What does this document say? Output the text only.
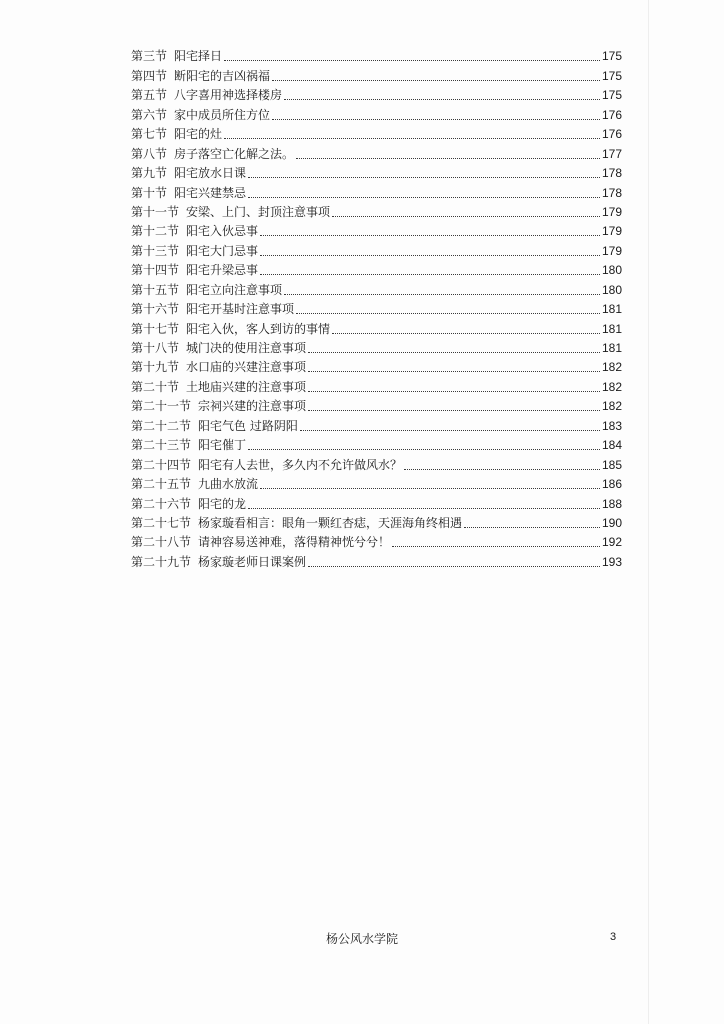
第三节 阳宅择日	175
第四节 断阳宅的吉凶祸福	175
第五节 八字喜用神选择楼房	175
第六节 家中成员所住方位	176
第七节 阳宅的灶	176
第八节 房子落空亡化解之法。	177
第九节 阳宅放水日课	178
第十节 阳宅兴建禁忌	178
第十一节 安梁、上门、封顶注意事项	179
第十二节 阳宅入伙忌事	179
第十三节 阳宅大门忌事	179
第十四节 阳宅升梁忌事	180
第十五节 阳宅立向注意事项	180
第十六节 阳宅开基时注意事项	181
第十七节 阳宅入伙，客人到访的事情	181
第十八节 城门决的使用注意事项	181
第十九节 水口庙的兴建注意事项	182
第二十节 土地庙兴建的注意事项	182
第二十一节 宗祠兴建的注意事项	182
第二十二节 阳宅气色 过路阴阳	183
第二十三节 阳宅催丁	184
第二十四节 阳宅有人去世，多久内不允许做风水？	185
第二十五节 九曲水放流	186
第二十六节 阳宅的龙	188
第二十七节 杨家璇看相言：眼角一颗红杏痣，天涯海角终相遇	190
第二十八节 请神容易送神难，落得精神恍兮兮！	192
第二十九节 杨家璇老师日课案例	193
杨公风水学院	3
